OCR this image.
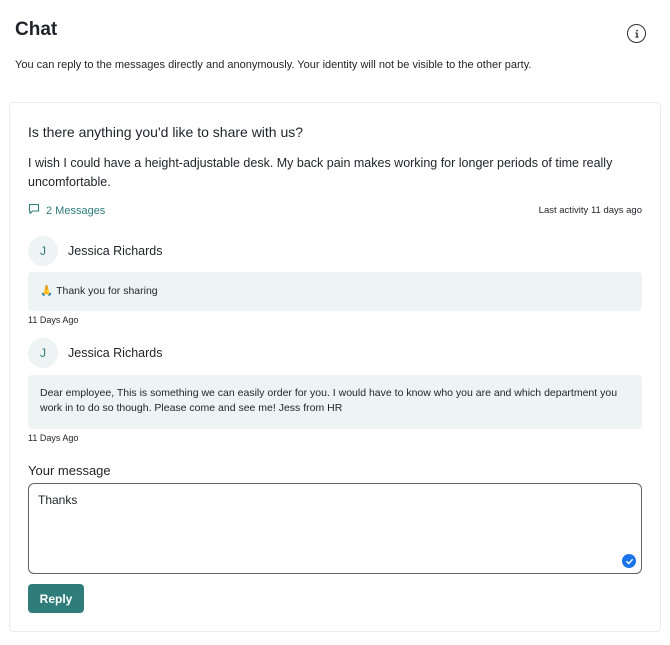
Chat

You can reply to the messages directly and anonymously. Your identity will not be visible to the other party.

Is there anything you'd like to share with us?

I wish I could have a height-adjustable desk. My back pain makes working for longer periods of time really uncomfortable.

2 Messages	Last activity 11 days ago
J	Jessica Richards
🙏 Thank you for sharing
11 Days Ago
J	Jessica Richards
Dear employee, This is something we can easily order for you. I would have to know who you are and which department you work in to do so though. Please come and see me! Jess from HR
11 Days Ago
Your message
Thanks
Reply
